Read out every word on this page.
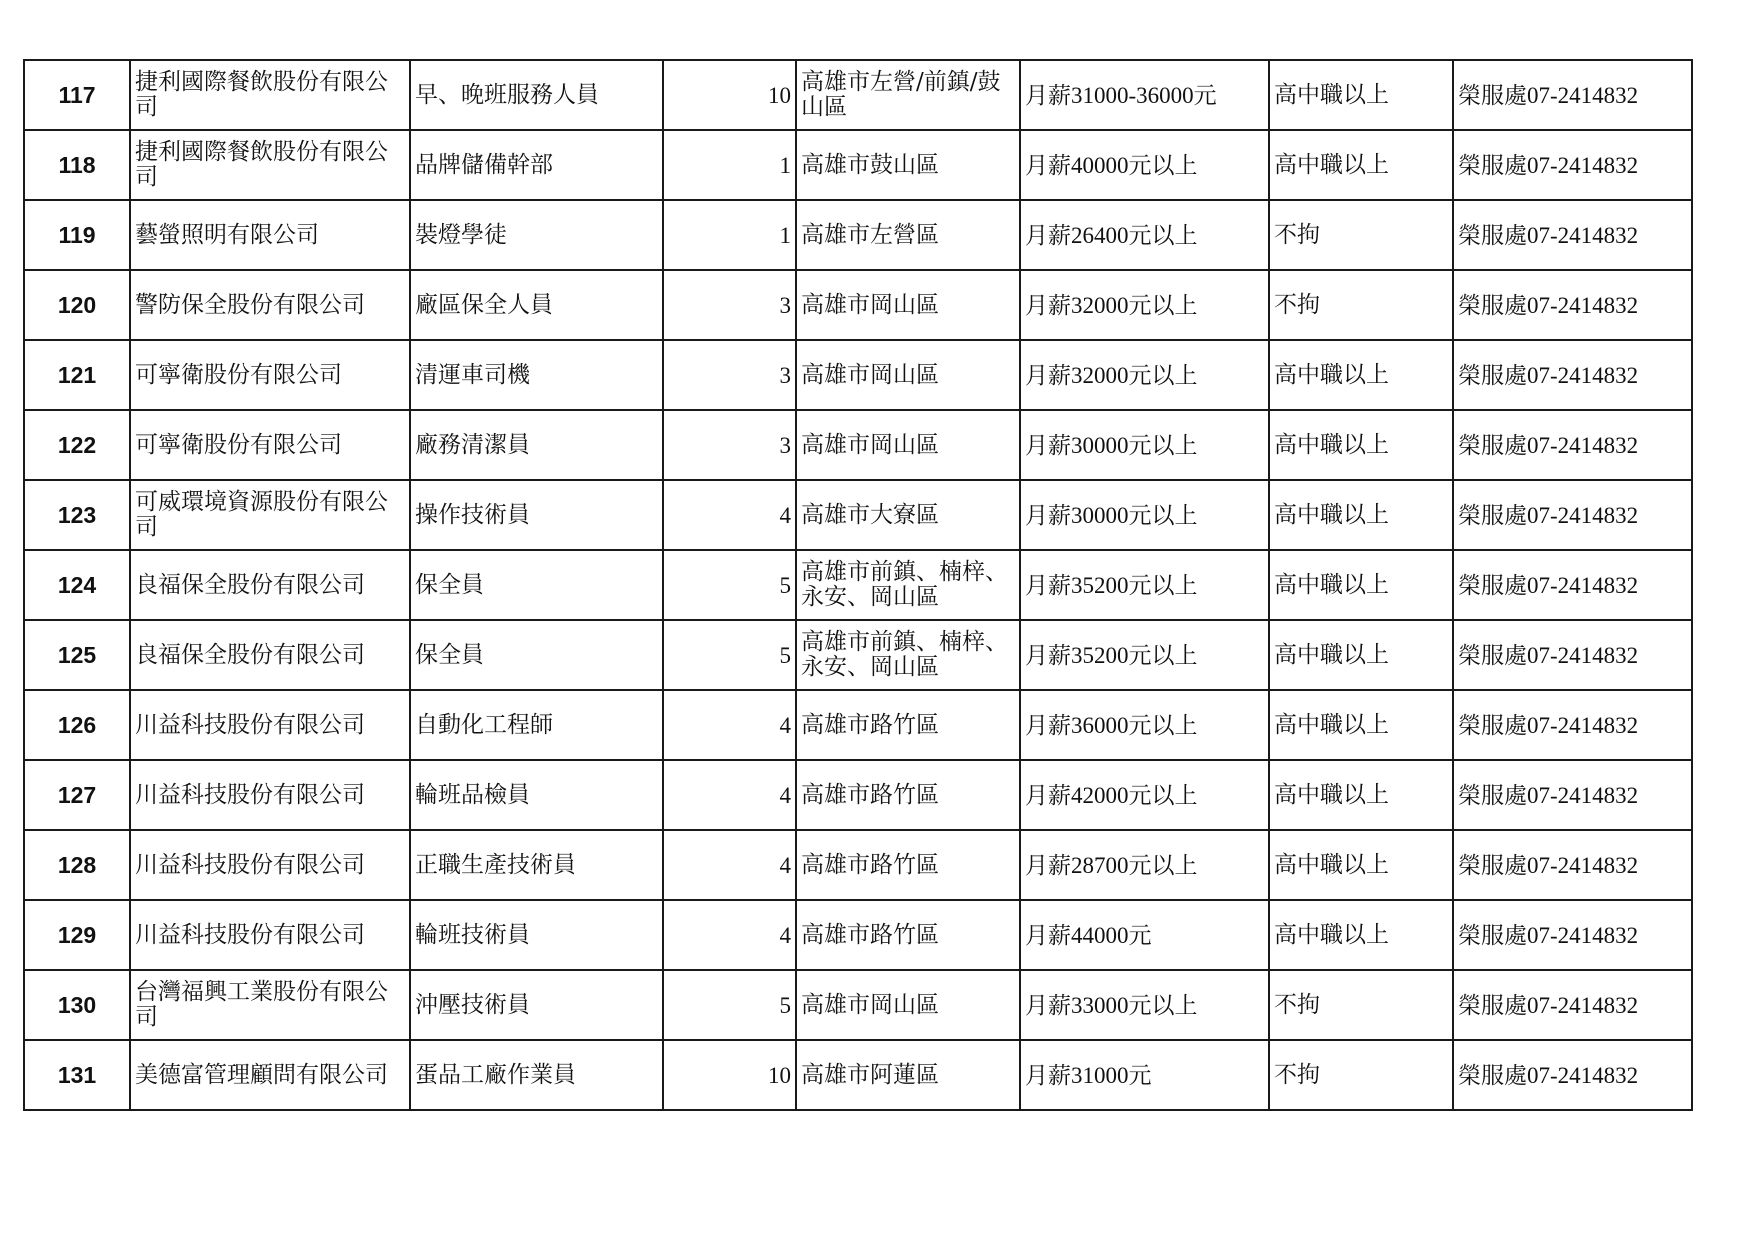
117	捷利國際餐飲股份有限公司	早、晚班服務人員	10	高雄市左營/前鎮/鼓山區	月薪31000-36000元	高中職以上	榮服處07-2414832
118	捷利國際餐飲股份有限公司	品牌儲備幹部	1	高雄市鼓山區	月薪40000元以上	高中職以上	榮服處07-2414832
119	藝螢照明有限公司	裝燈學徒	1	高雄市左營區	月薪26400元以上	不拘	榮服處07-2414832
120	警防保全股份有限公司	廠區保全人員	3	高雄市岡山區	月薪32000元以上	不拘	榮服處07-2414832
121	可寧衛股份有限公司	清運車司機	3	高雄市岡山區	月薪32000元以上	高中職以上	榮服處07-2414832
122	可寧衛股份有限公司	廠務清潔員	3	高雄市岡山區	月薪30000元以上	高中職以上	榮服處07-2414832
123	可威環境資源股份有限公司	操作技術員	4	高雄市大寮區	月薪30000元以上	高中職以上	榮服處07-2414832
124	良福保全股份有限公司	保全員	5	高雄市前鎮、楠梓、永安、岡山區	月薪35200元以上	高中職以上	榮服處07-2414832
125	良福保全股份有限公司	保全員	5	高雄市前鎮、楠梓、永安、岡山區	月薪35200元以上	高中職以上	榮服處07-2414832
126	川益科技股份有限公司	自動化工程師	4	高雄市路竹區	月薪36000元以上	高中職以上	榮服處07-2414832
127	川益科技股份有限公司	輪班品檢員	4	高雄市路竹區	月薪42000元以上	高中職以上	榮服處07-2414832
128	川益科技股份有限公司	正職生產技術員	4	高雄市路竹區	月薪28700元以上	高中職以上	榮服處07-2414832
129	川益科技股份有限公司	輪班技術員	4	高雄市路竹區	月薪44000元	高中職以上	榮服處07-2414832
130	台灣福興工業股份有限公司	沖壓技術員	5	高雄市岡山區	月薪33000元以上	不拘	榮服處07-2414832
131	美德富管理顧問有限公司	蛋品工廠作業員	10	高雄市阿蓮區	月薪31000元	不拘	榮服處07-2414832
